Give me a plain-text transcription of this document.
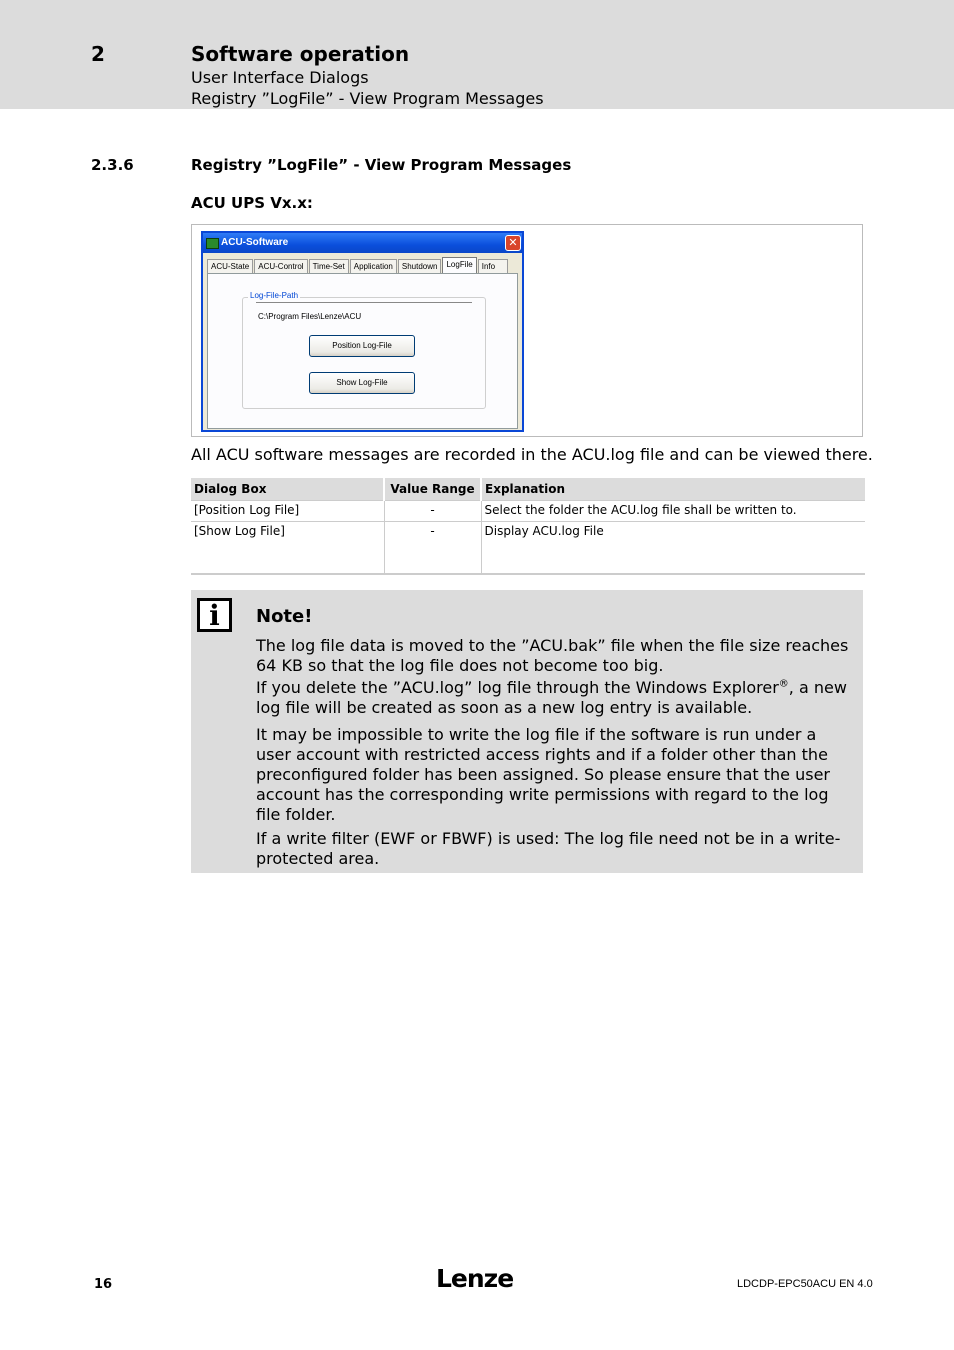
2	Software operation
User Interface Dialogs
Registry ”LogFile” - View Program Messages
2.3.6	Registry ”LogFile” - View Program Messages
ACU UPS Vx.x:
ACU-Software	✕
ACU-State	ACU-Control	Time-Set	Application	Shutdown	LogFile	Info
Log-File-Path
C:\Program Files\Lenze\ACU
Position Log-File
Show Log-File
All ACU software messages are recorded in the ACU.log file and can be viewed there.
Dialog Box	Value Range	Explanation
[Position Log File]	-	Select the folder the ACU.log file shall be written to.
[Show Log File]	-	Display ACU.log File
i	Note!

The log file data is moved to the ”ACU.bak” file when the file size reaches 64 KB so that the log file does not become too big.

If you delete the ”ACU.log” log file through the Windows Explorer®, a new log file will be created as soon as a new log entry is available.

It may be impossible to write the log file if the software is run under a user account with restricted access rights and if a folder other than the preconfigured folder has been assigned. So please ensure that the user account has the corresponding write permissions with regard to the log file folder.

If a write filter (EWF or FBWF) is used: The log file need not be in a write-protected area.

16	Lenze	LDCDP-EPC50ACU EN 4.0
